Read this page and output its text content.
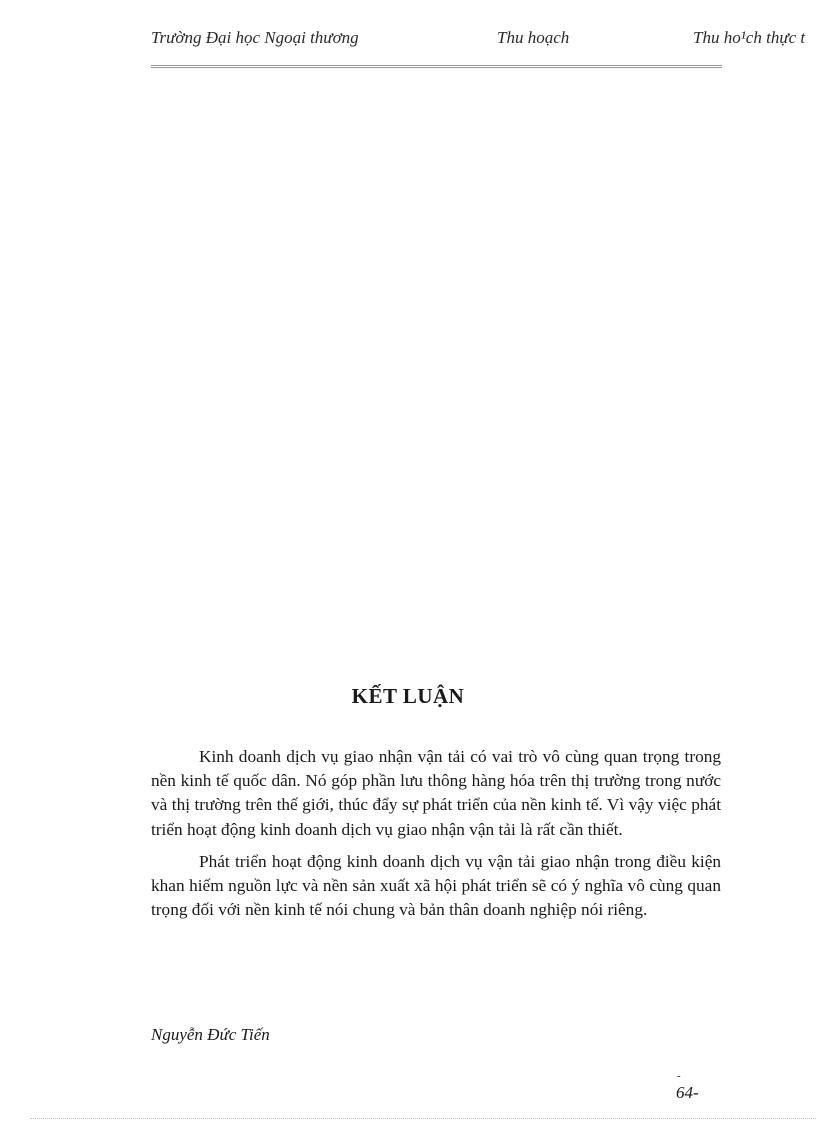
Trường Đại học Ngoại thương	Thu hoạch	Thu ho¹ch thực t
KẾT LUẬN

Kinh doanh dịch vụ giao nhận vận tải có vai trò vô cùng quan trọng trong nền kinh tế quốc dân. Nó góp phần lưu thông hàng hóa trên thị trường trong nước và thị trường trên thế giới, thúc đẩy sự phát triển của nền kinh tế. Vì vậy việc phát triển hoạt động kinh doanh dịch vụ giao nhận vận tải là rất cần thiết.

Phát triển hoạt động kinh doanh dịch vụ vận tải giao nhận trong điều kiện khan hiếm nguồn lực và nền sản xuất xã hội phát triển sẽ có ý nghĩa vô cùng quan trọng đối với nền kinh tế nói chung và bản thân doanh nghiệp nói riêng.

Nguyễn Đức Tiến
-
64-
